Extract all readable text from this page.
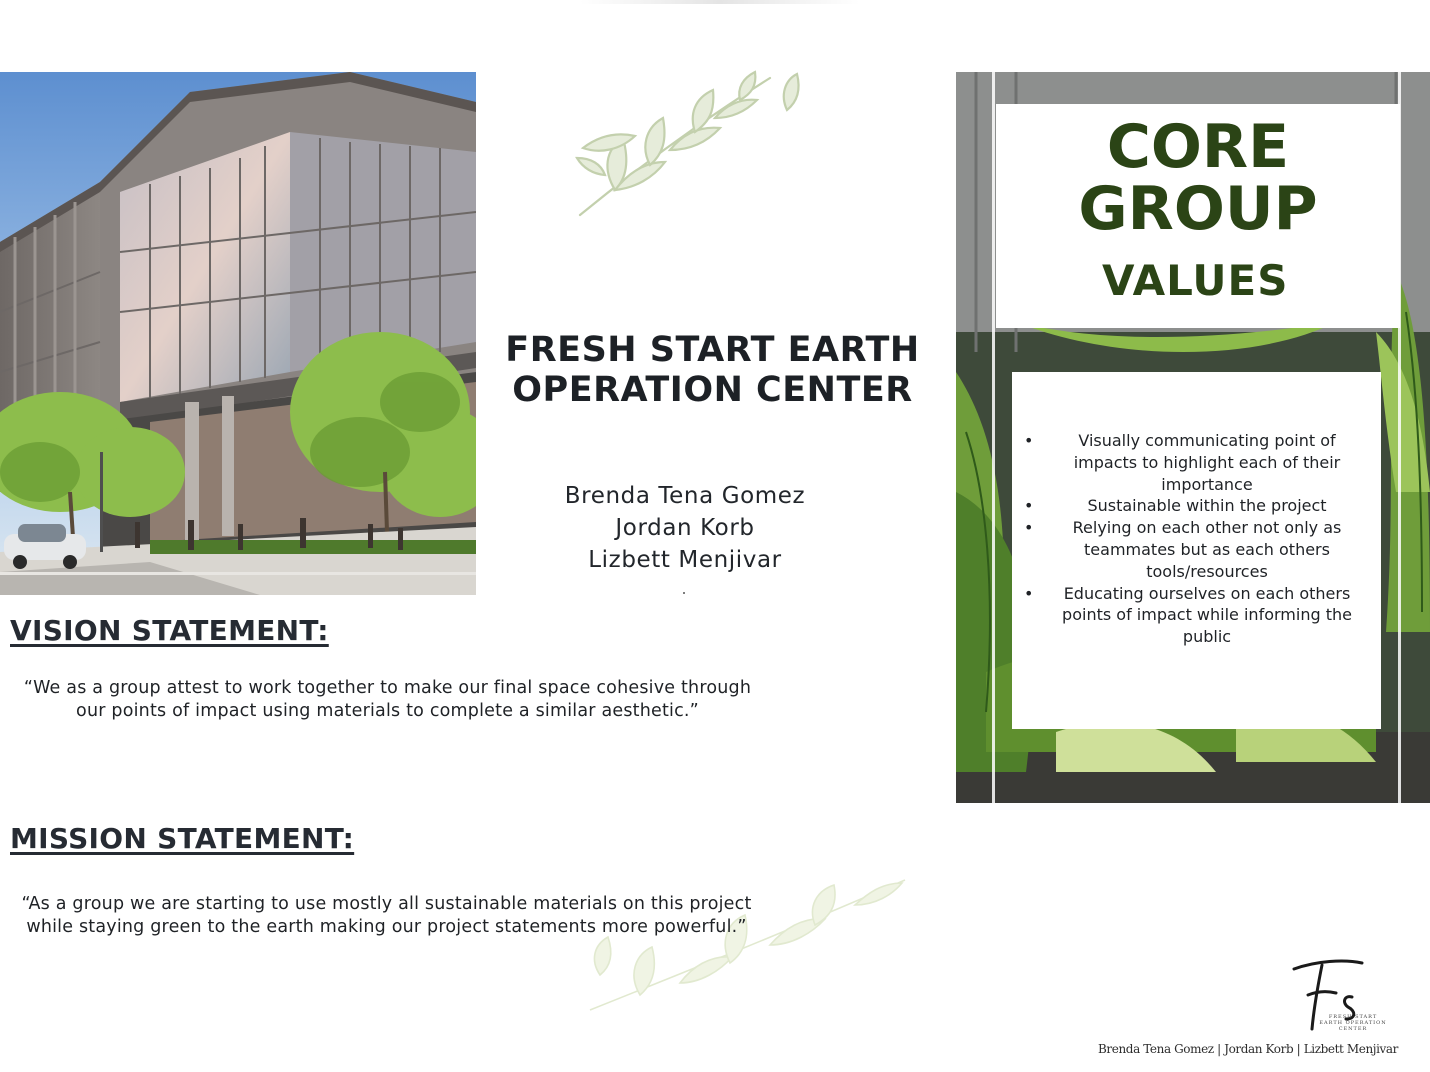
FRESH START EARTH
OPERATION CENTER
Brenda Tena Gomez
Jordan Korb
Lizbett Menjivar
VISION STATEMENT:
“We as a group attest to work together to make our final space cohesive through our points of impact using materials to complete a similar aesthetic.”
MISSION STATEMENT:
“As a group we are starting to use mostly all sustainable materials on this project while staying green to the earth making our project statements more powerful.”
CORE
GROUP
VALUES
• Visually communicating point of impacts to highlight each of their importance
• Sustainable within the project
• Relying on each other not only as teammates but as each others tools/resources
• Educating ourselves on each others points of impact while informing the public
FRESH START
EARTH OPERATION
CENTER
Brenda Tena Gomez | Jordan Korb | Lizbett Menjivar
